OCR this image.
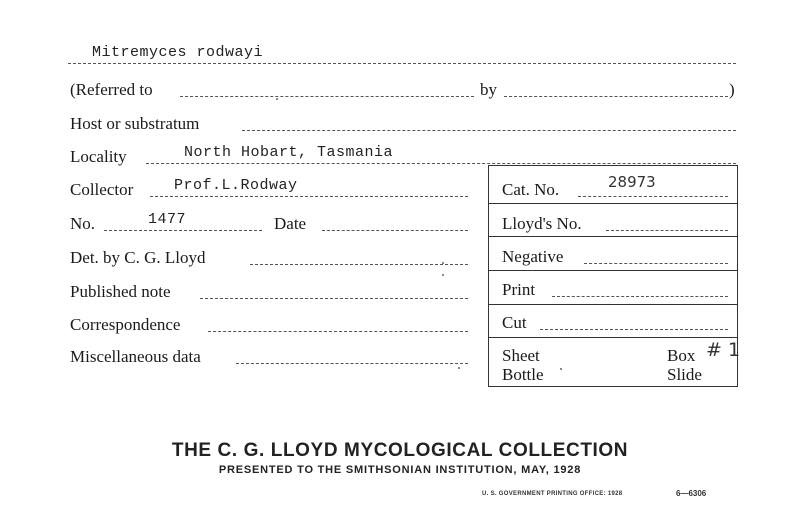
Mitremyces rodwayi
(Referred to	by	)
Host or substratum
Locality	North Hobart, Tasmania
Collector	Prof.L.Rodway
No.	1477	Date
Det. by C. G. Lloyd
Published note
Correspondence
Miscellaneous data
Cat. No.	28973
Lloyd's No.
Negative
Print
Cut
Sheet
Bottle
Box # 1
Slide
THE C. G. LLOYD MYCOLOGICAL COLLECTION
PRESENTED TO THE SMITHSONIAN INSTITUTION, MAY, 1928
U. S. GOVERNMENT PRINTING OFFICE: 1928	6—6306
